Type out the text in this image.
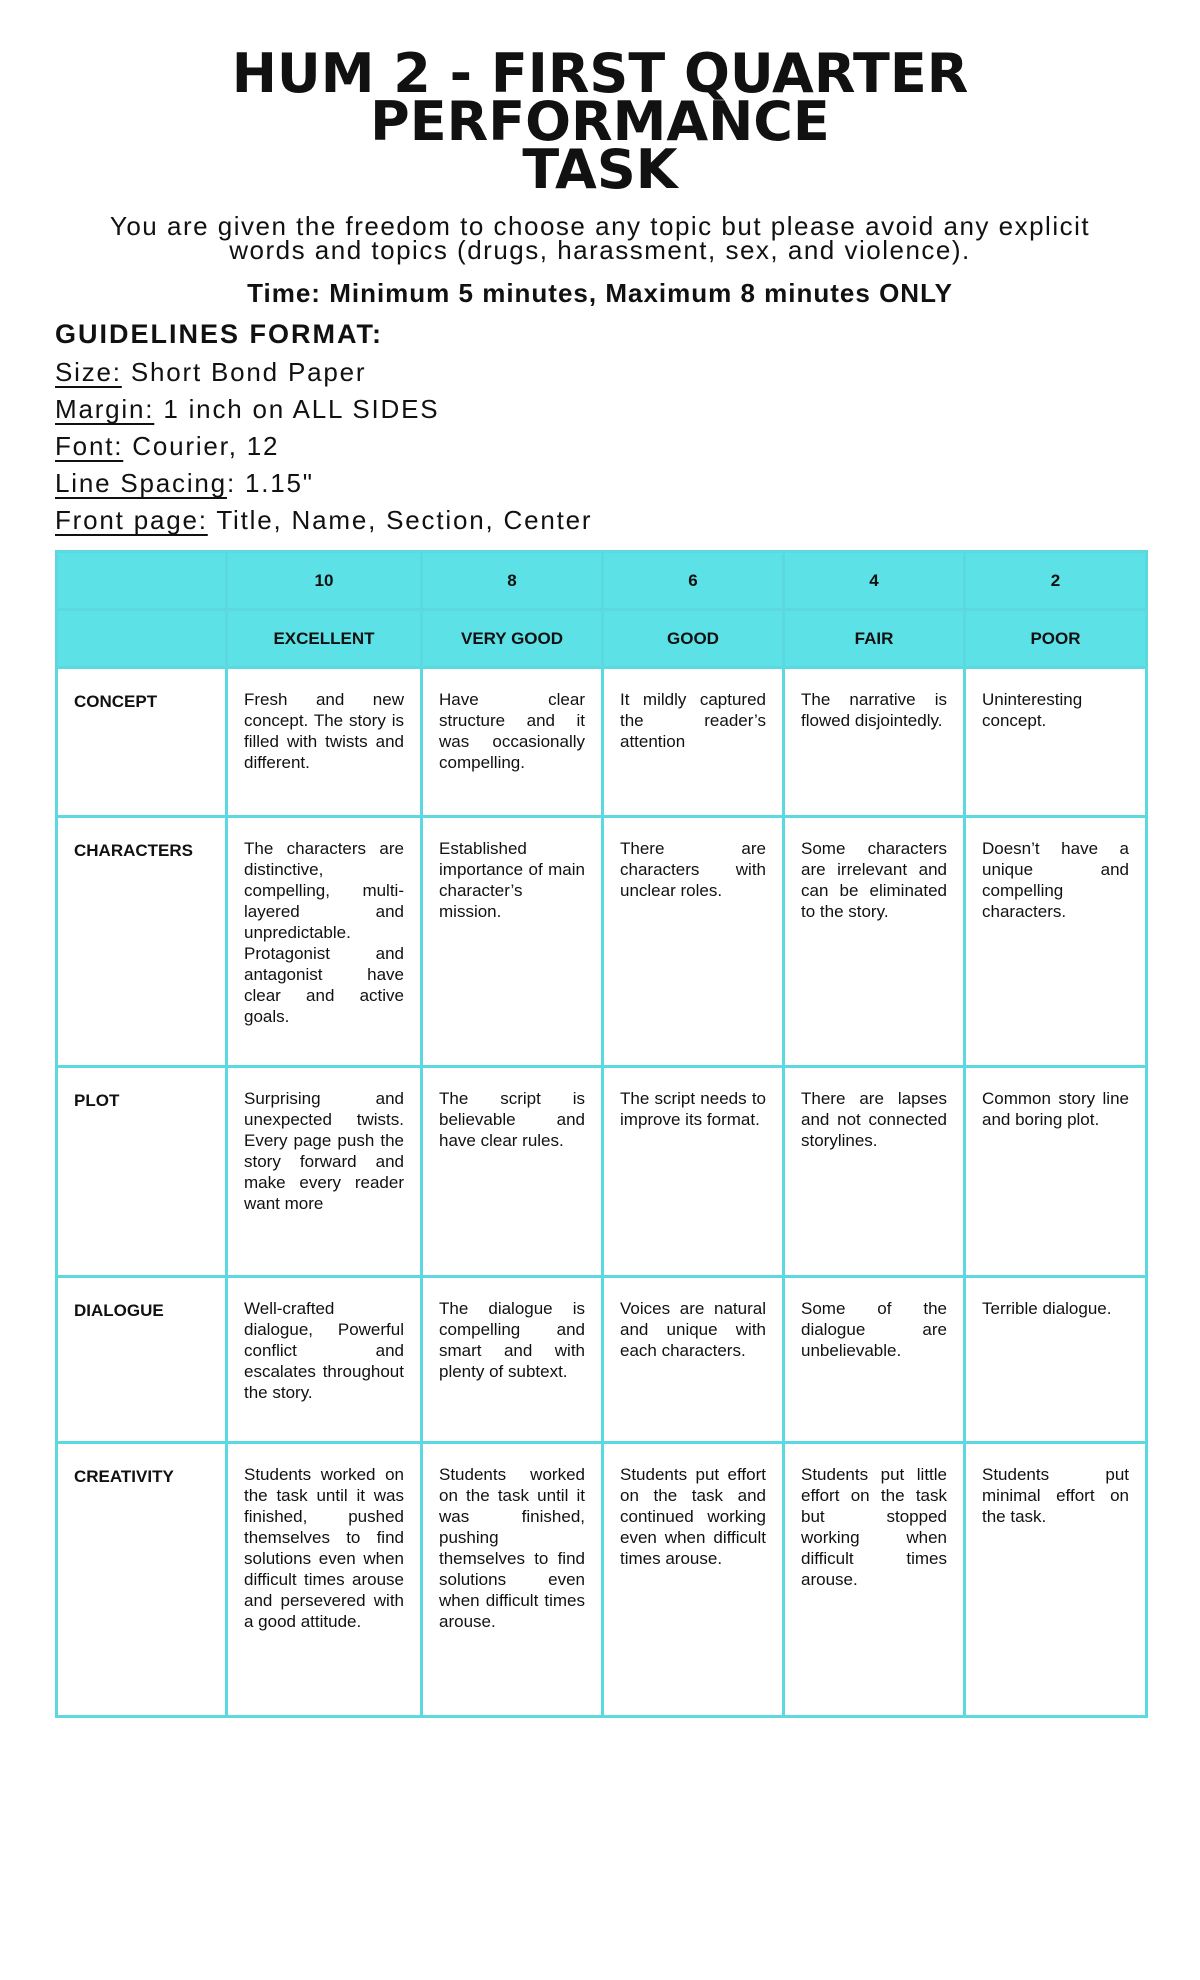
HUM 2 - FIRST QUARTER PERFORMANCE
TASK
You are given the freedom to choose any topic but please avoid any explicit
words and topics (drugs, harassment, sex, and violence).
Time: Minimum 5 minutes, Maximum 8 minutes ONLY
GUIDELINES FORMAT:
Size: Short Bond Paper
Margin: 1 inch on ALL SIDES
Font: Courier, 12
Line Spacing: 1.15"
Front page: Title, Name, Section, Center
	10	8	6	4	2
	EXCELLENT	VERY GOOD	GOOD	FAIR	POOR
CONCEPT	Fresh and new concept. The story is filled with twists and different.	Have clear structure and it was occasionally compelling.	It mildly captured the reader’s attention	The narrative is flowed disjointedly.	Uninteresting concept.
CHARACTERS	The characters are distinctive, compelling, multi-layered and unpredictable. Protagonist and antagonist have clear and active goals.	Established importance of main character’s mission.	There are characters with unclear roles.	Some characters are irrelevant and can be eliminated to the story.	Doesn’t have a unique and compelling characters.
PLOT	Surprising and unexpected twists. Every page push the story forward and make every reader want more	The script is believable and have clear rules.	The script needs to improve its format.	There are lapses and not connected storylines.	Common story line and boring plot.
DIALOGUE	Well-crafted dialogue, Powerful conflict and escalates throughout the story.	The dialogue is compelling and smart and with plenty of subtext.	Voices are natural and unique with each characters.	Some of the dialogue are unbelievable.	Terrible dialogue.
CREATIVITY	Students worked on the task until it was finished, pushed themselves to find solutions even when difficult times arouse and persevered with a good attitude.	Students worked on the task until it was finished, pushing themselves to find solutions even when difficult times arouse.	Students put effort on the task and continued working even when difficult times arouse.	Students put little effort on the task but stopped working when difficult times arouse.	Students put minimal effort on the task.
